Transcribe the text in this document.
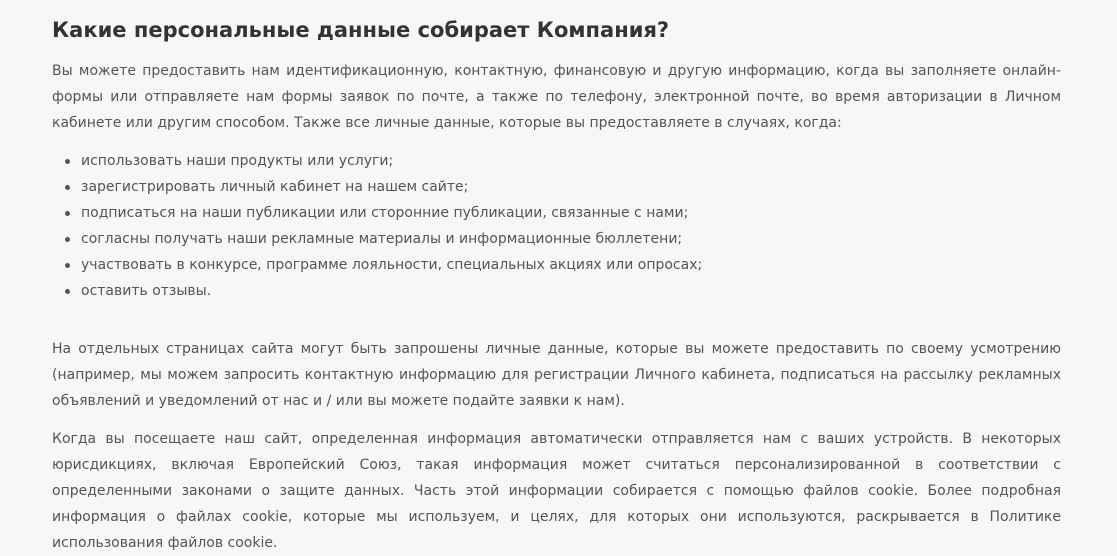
Какие персональные данные собирает Компания?

Вы можете предоставить нам идентификационную, контактную, финансовую и другую информацию, когда вы заполняете онлайн-формы или отправляете нам формы заявок по почте, а также по телефону, электронной почте, во время авторизации в Личном кабинете или другим способом. Также все личные данные, которые вы предоставляете в случаях, когда:

использовать наши продукты или услуги;
зарегистрировать личный кабинет на нашем сайте;
подписаться на наши публикации или сторонние публикации, связанные с нами;
согласны получать наши рекламные материалы и информационные бюллетени;
участвовать в конкурсе, программе лояльности, специальных акциях или опросах;
оставить отзывы.

На отдельных страницах сайта могут быть запрошены личные данные, которые вы можете предоставить по своему усмотрению (например, мы можем запросить контактную информацию для регистрации Личного кабинета, подписаться на рассылку рекламных объявлений и уведомлений от нас и / или вы можете подайте заявки к нам).

Когда вы посещаете наш сайт, определенная информация автоматически отправляется нам с ваших устройств. В некоторых юрисдикциях, включая Европейский Союз, такая информация может считаться персонализированной в соответствии с определенными законами о защите данных. Часть этой информации собирается с помощью файлов cookie. Более подробная информация о файлах cookie, которые мы используем, и целях, для которых они используются, раскрывается в Политике использования файлов cookie.
